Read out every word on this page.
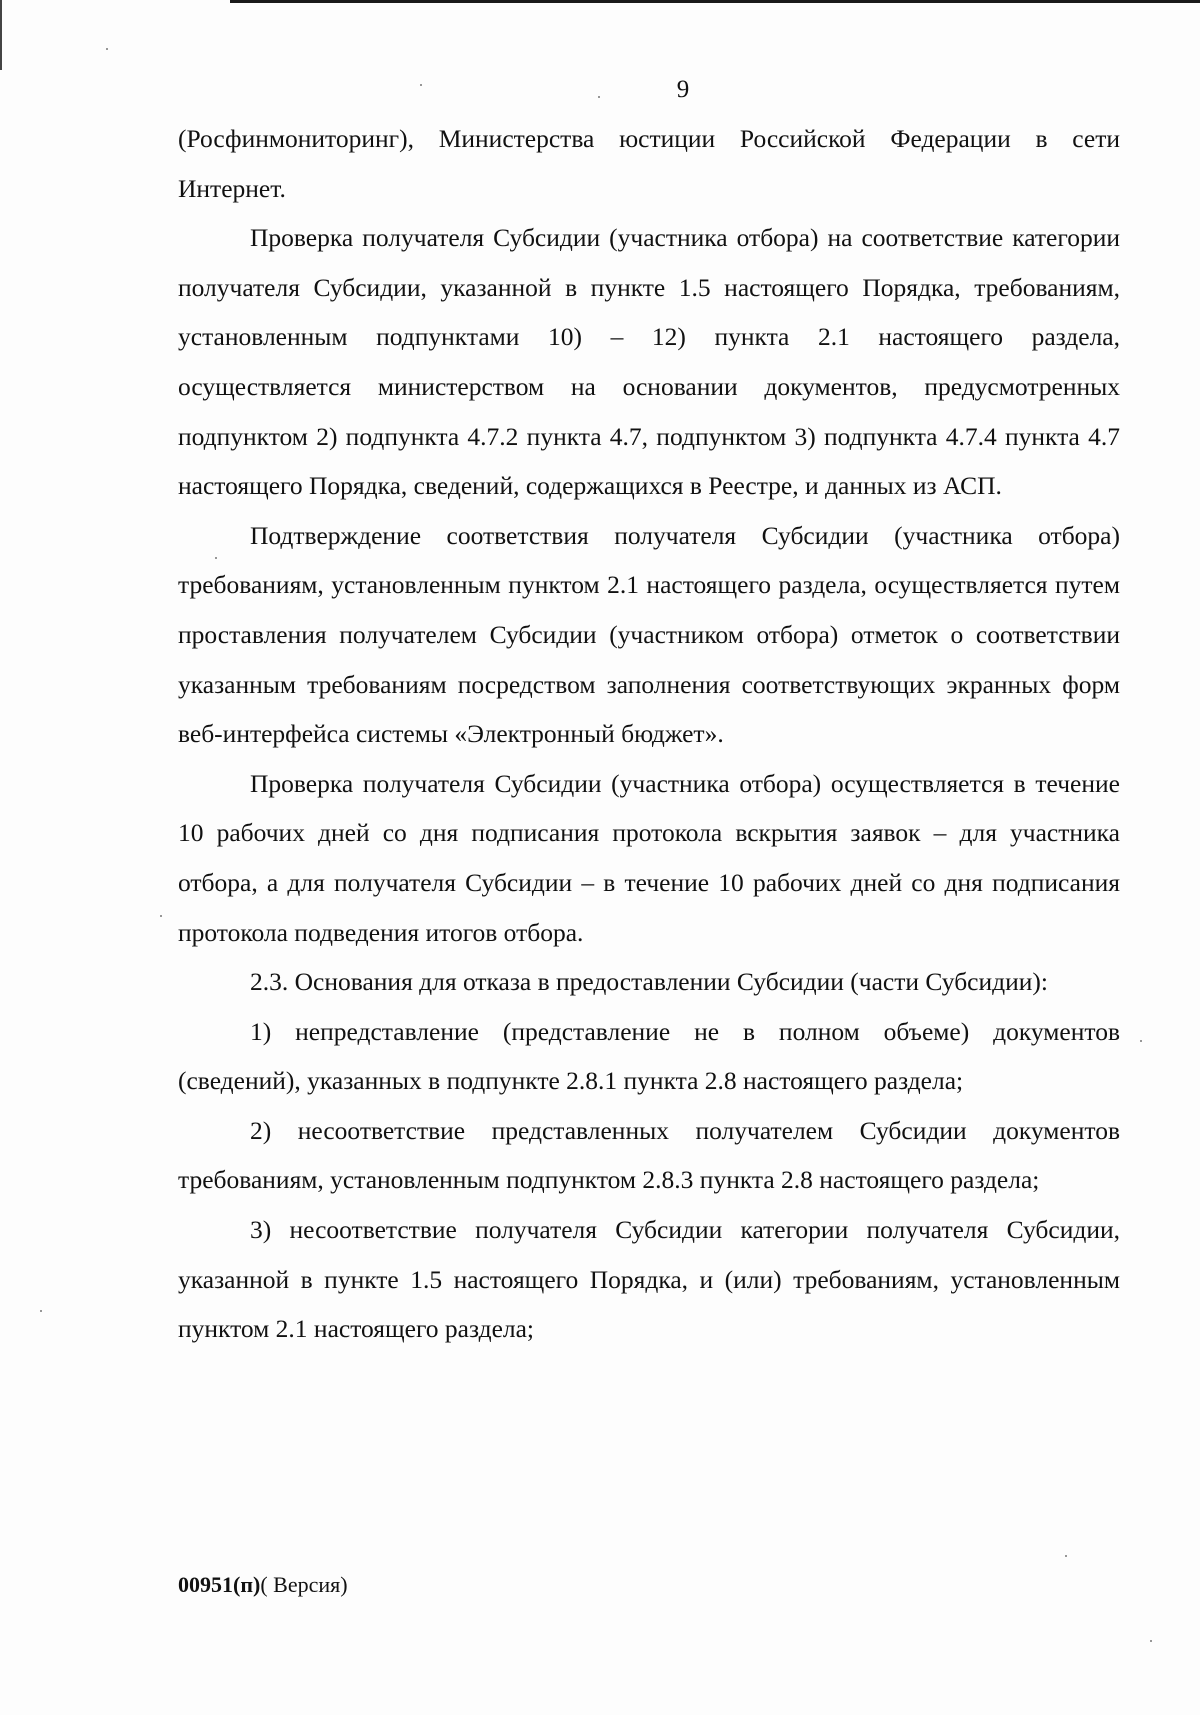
9

(Росфинмониторинг), Министерства юстиции Российской Федерации в сети Интернет.

Проверка получателя Субсидии (участника отбора) на соответствие категории получателя Субсидии, указанной в пункте 1.5 настоящего Порядка, требованиям, установленным подпунктами 10) – 12) пункта 2.1 настоящего раздела, осуществляется министерством на основании документов, предусмотренных подпунктом 2) подпункта 4.7.2 пункта 4.7, подпунктом 3) подпункта 4.7.4 пункта 4.7 настоящего Порядка, сведений, содержащихся в Реестре, и данных из АСП.

Подтверждение соответствия получателя Субсидии (участника отбора) требованиям, установленным пунктом 2.1 настоящего раздела, осуществляется путем проставления получателем Субсидии (участником отбора) отметок о соответствии указанным требованиям посредством заполнения соответствующих экранных форм веб-интерфейса системы «Электронный бюджет».

Проверка получателя Субсидии (участника отбора) осуществляется в течение 10 рабочих дней со дня подписания протокола вскрытия заявок – для участника отбора, а для получателя Субсидии – в течение 10 рабочих дней со дня подписания протокола подведения итогов отбора.

2.3. Основания для отказа в предоставлении Субсидии (части Субсидии):

1) непредставление (представление не в полном объеме) документов (сведений), указанных в подпункте 2.8.1 пункта 2.8 настоящего раздела;

2) несоответствие представленных получателем Субсидии документов требованиям, установленным подпунктом 2.8.3 пункта 2.8 настоящего раздела;

3) несоответствие получателя Субсидии категории получателя Субсидии, указанной в пункте 1.5 настоящего Порядка, и (или) требованиям, установленным пунктом 2.1 настоящего раздела;

00951(п)( Версия)
